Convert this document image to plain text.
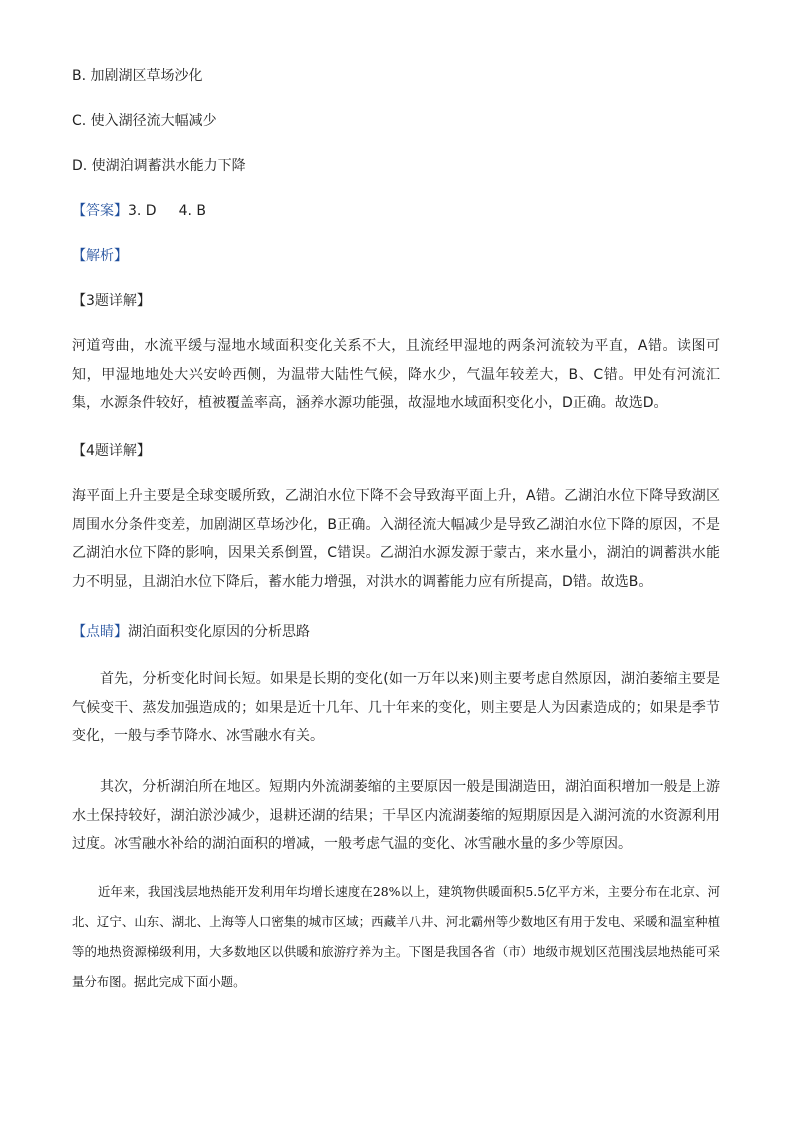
B. 加剧湖区草场沙化
C. 使入湖径流大幅减少
D. 使湖泊调蓄洪水能力下降
【答案】3. D 4. B
【解析】
【3题详解】

河道弯曲，水流平缓与湿地水域面积变化关系不大，且流经甲湿地的两条河流较为平直，A错。读图可知，甲湿地地处大兴安岭西侧，为温带大陆性气候，降水少，气温年较差大，B、C错。甲处有河流汇集，水源条件较好，植被覆盖率高，涵养水源功能强，故湿地水域面积变化小，D正确。故选D。

【4题详解】

海平面上升主要是全球变暖所致，乙湖泊水位下降不会导致海平面上升，A错。乙湖泊水位下降导致湖区周围水分条件变差，加剧湖区草场沙化，B正确。入湖径流大幅减少是导致乙湖泊水位下降的原因，不是乙湖泊水位下降的影响，因果关系倒置，C错误。乙湖泊水源发源于蒙古，来水量小，湖泊的调蓄洪水能力不明显，且湖泊水位下降后，蓄水能力增强，对洪水的调蓄能力应有所提高，D错。故选B。

【点睛】湖泊面积变化原因的分析思路

首先，分析变化时间长短。如果是长期的变化(如一万年以来)则主要考虑自然原因，湖泊萎缩主要是气候变干、蒸发加强造成的；如果是近十几年、几十年来的变化，则主要是人为因素造成的；如果是季节变化，一般与季节降水、冰雪融水有关。

其次，分析湖泊所在地区。短期内外流湖萎缩的主要原因一般是围湖造田，湖泊面积增加一般是上游水土保持较好，湖泊淤沙减少，退耕还湖的结果；干旱区内流湖萎缩的短期原因是入湖河流的水资源利用过度。冰雪融水补给的湖泊面积的增减，一般考虑气温的变化、冰雪融水量的多少等原因。

近年来，我国浅层地热能开发利用年均增长速度在28%以上，建筑物供暖面积5.5亿平方米，主要分布在北京、河北、辽宁、山东、湖北、上海等人口密集的城市区域；西藏羊八井、河北霸州等少数地区有用于发电、采暖和温室种植等的地热资源梯级利用，大多数地区以供暖和旅游疗养为主。下图是我国各省（市）地级市规划区范围浅层地热能可采量分布图。据此完成下面小题。
